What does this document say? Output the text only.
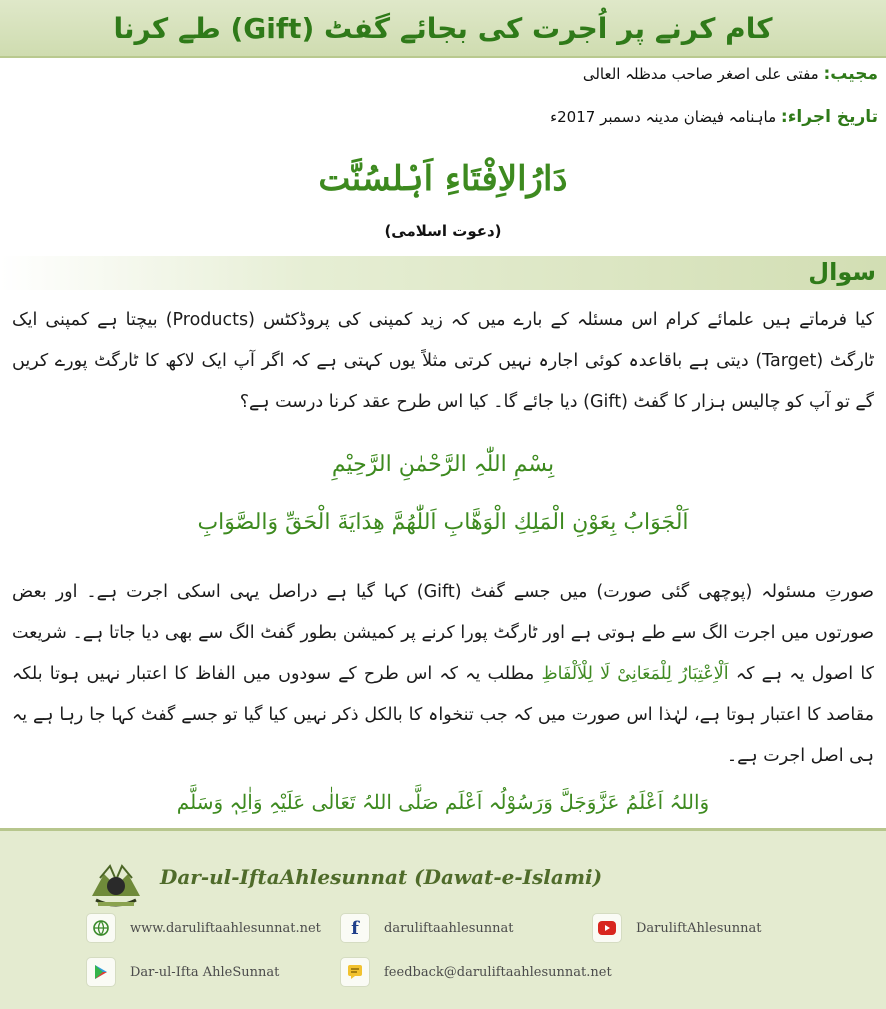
کام کرنے پر اُجرت کی بجائے گفٹ (Gift) طے کرنا
مجیب: مفتی علی اصغر صاحب مدظلہ العالی
تاریخ اجراء: ماہنامہ فیضان مدینہ دسمبر 2017ء
دَارُالاِفْتَاءِ اَہْلسُنَّت
(دعوت اسلامی)
سوال
کیا فرماتے ہیں علمائے کرام اس مسئلہ کے بارے میں کہ زید کمپنی کی پروڈکٹس (Products) بیچتا ہے کمپنی ایک ٹارگٹ (Target) دیتی ہے باقاعدہ کوئی اجارہ نہیں کرتی مثلاً یوں کہتی ہے کہ اگر آپ ایک لاکھ کا ٹارگٹ پورے کریں گے تو آپ کو چالیس ہزار کا گفٹ (Gift) دیا جائے گا۔ کیا اس طرح عقد کرنا درست ہے؟
بِسْمِ اللّٰہِ الرَّحْمٰنِ الرَّحِیْمِ
اَلْجَوَابُ بِعَوْنِ الْمَلِكِ الْوَهَّابِ اَللّٰهُمَّ هِدَايَةَ الْحَقِّ وَالصَّوَابِ
صورتِ مسئولہ (پوچھی گئی صورت) میں جسے گفٹ (Gift) کہا گیا ہے دراصل یہی اسکی اجرت ہے۔ اور بعض صورتوں میں اجرت الگ سے طے ہوتی ہے اور ٹارگٹ پورا کرنے پر کمیشن بطور گفٹ الگ سے بھی دیا جاتا ہے۔ شریعت کا اصول یہ ہے کہ اَلْاِعْتِبَارُ لِلْمَعَانِیْ لَا لِلْاَلْفَاظِ مطلب یہ کہ اس طرح کے سودوں میں الفاظ کا اعتبار نہیں ہوتا بلکہ مقاصد کا اعتبار ہوتا ہے، لہٰذا اس صورت میں کہ جب تنخواہ کا بالکل ذکر نہیں کیا گیا تو جسے گفٹ کہا جا رہا ہے یہ ہی اصل اجرت ہے۔
وَاللہُ اَعْلَمُ عَزَّوَجَلَّ وَرَسُوْلُہ اَعْلَم صَلَّی اللہُ تَعَالٰی عَلَیْہِ وَاٰلِہٖ وَسَلَّم
Dar-ul-IftaAhlesunnat (Dawat-e-Islami)
www.daruliftaahlesunnat.net	f	daruliftaahlesunnat	DaruliftAhlesunnat
Dar-ul-Ifta AhleSunnat	feedback@daruliftaahlesunnat.net
